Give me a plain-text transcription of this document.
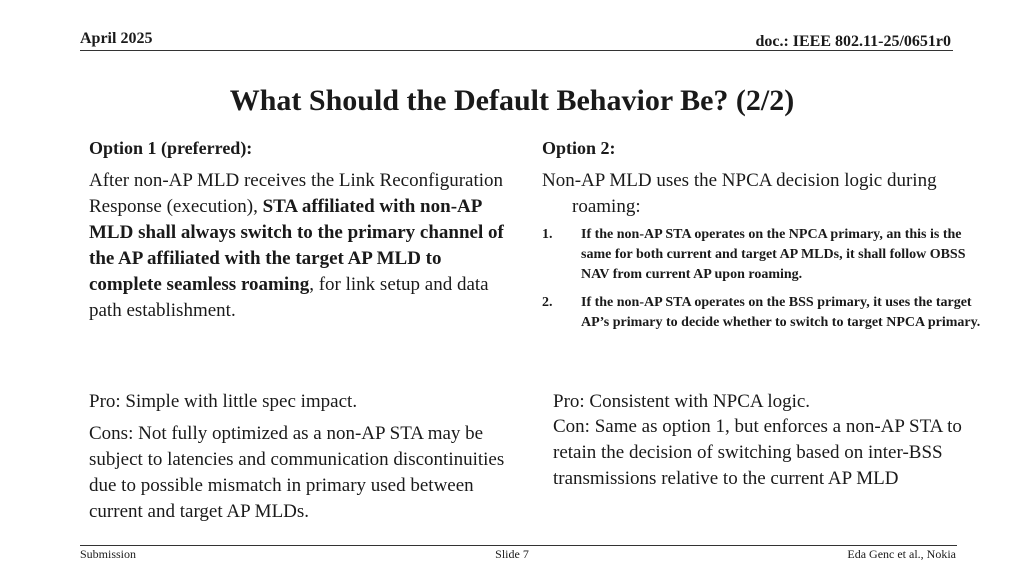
April 2025	doc.: IEEE 802.11-25/0651r0
What Should the Default Behavior Be? (2/2)
Option 1 (preferred):
After non-AP MLD receives the Link Reconfiguration Response (execution), STA affiliated with non-AP MLD shall always switch to the primary channel of the AP affiliated with the target AP MLD to complete seamless roaming, for link setup and data path establishment.
Pro: Simple with little spec impact.
Cons: Not fully optimized as a non-AP STA may be subject to latencies and communication discontinuities due to possible mismatch in primary used between current and target AP MLDs.
Option 2:
Non-AP MLD uses the NPCA decision logic during roaming:
1. If the non-AP STA operates on the NPCA primary, an this is the same for both current and target AP MLDs, it shall follow OBSS NAV from current AP upon roaming.
2. If the non-AP STA operates on the BSS primary, it uses the target AP’s primary to decide whether to switch to target NPCA primary.
Pro: Consistent with NPCA logic.
Con: Same as option 1, but enforces a non-AP STA to retain the decision of switching based on inter-BSS transmissions relative to the current AP MLD
Submission	Slide 7	Eda Genc et al., Nokia
